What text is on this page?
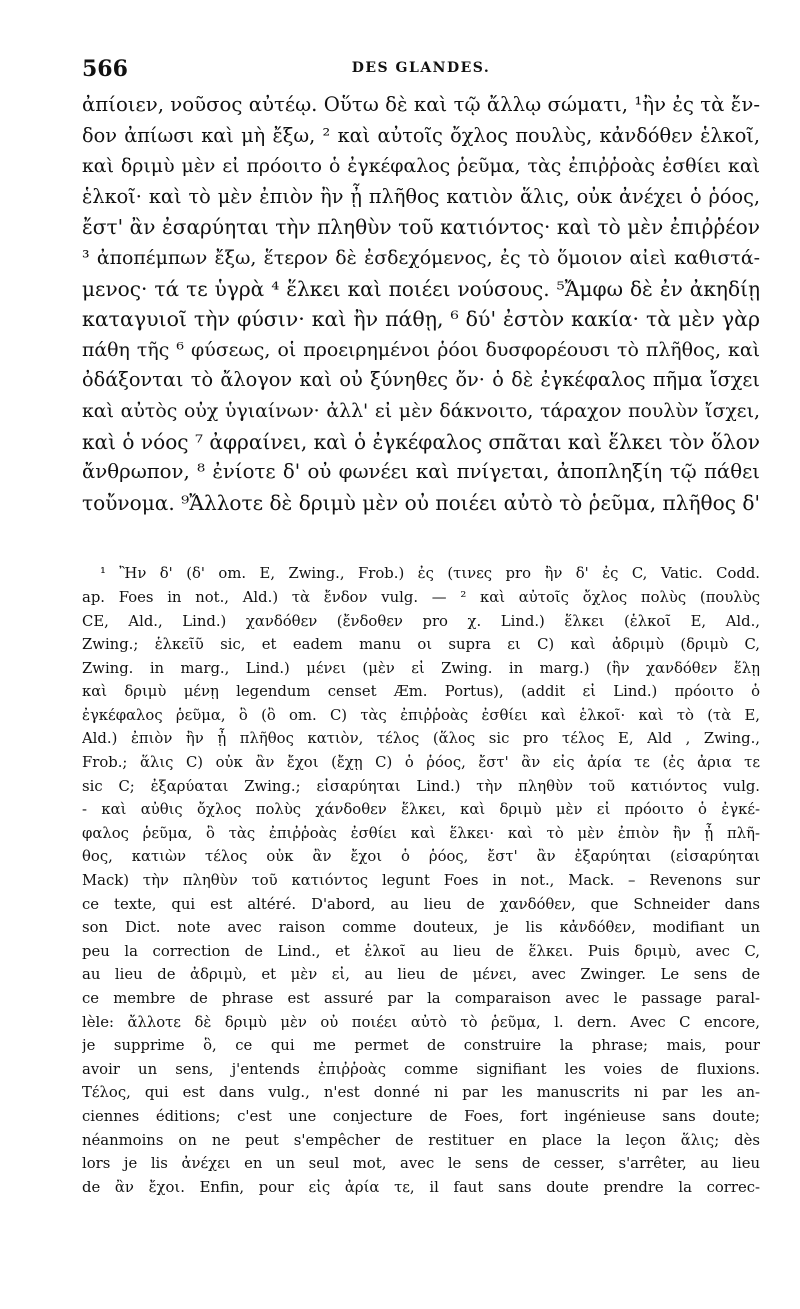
566	DES GLANDES.
ἀπίοιεν, νοῦσος αὐτέῳ. Οὕτω δὲ καὶ τῷ ἄλλῳ σώματι, ¹ἢν ἐς τὰ ἔν-
δον ἀπίωσι καὶ μὴ ἔξω, ² καὶ αὐτοῖς ὄχλος πουλὺς, κἀνδόθεν ἑλκοῖ,
καὶ δριμὺ μὲν εἰ πρόοιτο ὁ ἐγκέφαλος ῥεῦμα, τὰς ἐπιῤῥοὰς ἐσθίει καὶ
ἑλκοῖ· καὶ τὸ μὲν ἐπιὸν ἢν ᾖ πλῆθος κατιὸν ἅλις, οὐκ ἀνέχει ὁ ῥόος,
ἔστ' ἂν ἐσαρύηται τὴν πληθὺν τοῦ κατιόντος· καὶ τὸ μὲν ἐπιῤῥέον
³ ἀποπέμπων ἔξω, ἕτερον δὲ ἐσδεχόμενος, ἐς τὸ ὅμοιον αἰεὶ καθιστά-
μενος· τά τε ὑγρὰ ⁴ ἕλκει καὶ ποιέει νούσους. ⁵Ἄμφω δὲ ἐν ἀκηδίῃ
καταγυιοῖ τὴν φύσιν· καὶ ἢν πάθῃ, ⁶ δύ' ἐστὸν κακία· τὰ μὲν γὰρ
πάθη τῆς ⁶ φύσεως, οἱ προειρημένοι ῥόοι δυσφορέουσι τὸ πλῆθος, καὶ
ὀδάξονται τὸ ἄλογον καὶ οὐ ξύνηθες ὄν· ὁ δὲ ἐγκέφαλος πῆμα ἴσχει
καὶ αὐτὸς οὐχ ὑγιαίνων· ἀλλ' εἰ μὲν δάκνοιτο, τάραχον πουλὺν ἴσχει,
καὶ ὁ νόος ⁷ ἀφραίνει, καὶ ὁ ἐγκέφαλος σπᾶται καὶ ἕλκει τὸν ὅλον
ἄνθρωπον, ⁸ ἐνίοτε δ' οὐ φωνέει καὶ πνίγεται, ἀποπληξίη τῷ πάθει
τοὔνομα. ⁹Ἄλλοτε δὲ δριμὺ μὲν οὐ ποιέει αὐτὸ τὸ ῥεῦμα, πλῆθος δ'
¹ Ἢν δ' (δ' om. E, Zwing., Frob.) ἐς (τινες pro ἢν δ' ἐς C, Vatic. Codd.
ap. Foes in not., Ald.) τὰ ἔνδον vulg. — ² καὶ αὐτοῖς ὄχλος πολὺς (πουλὺς
CE, Ald., Lind.) χανδόθεν (ἔνδοθεν pro χ. Lind.) ἕλκει (ἑλκοῖ E, Ald.,
Zwing.; ἑλκεῖῦ sic, et eadem manu οι supra ει C) καὶ ἀδριμὺ (δριμὺ C,
Zwing. in marg., Lind.) μένει (μὲν εἰ Zwing. in marg.) (ἢν χανδόθεν ἕλῃ
καὶ δριμὺ μένῃ legendum censet Æm. Portus), (addit εἰ Lind.) πρόοιτο ὁ
ἐγκέφαλος ῥεῦμα, ὃ (ὃ om. C) τὰς ἐπιῤῥοὰς ἐσθίει καὶ ἑλκοῖ· καὶ τὸ (τὰ E,
Ald.) ἐπιὸν ἢν ᾖ πλῆθος κατιὸν, τέλος (ἅλος sic pro τέλος E, Ald , Zwing.,
Frob.; ἅλις C) οὐκ ἂν ἔχοι (ἔχῃ C) ὁ ῥόος, ἔστ' ἂν εἰς ἀρία τε (ἐς ἀρια τε
sic C; ἐξαρύαται Zwing.; εἰσαρύηται Lind.) τὴν πληθὺν τοῦ κατιόντος vulg.
- καὶ αὐθις ὄχλος πολὺς χάνδοθεν ἕλκει, καὶ δριμὺ μὲν εἰ πρόοιτο ὁ ἐγκέ-
φαλος ῥεῦμα, ὃ τὰς ἐπιῤῥοὰς ἐσθίει καὶ ἕλκει· καὶ τὸ μὲν ἐπιὸν ἢν ᾖ πλῆ-
θος, κατιὼν τέλος οὐκ ἂν ἔχοι ὁ ῥόος, ἔστ' ἂν ἐξαρύηται (εἰσαρύηται
Mack) τὴν πληθὺν τοῦ κατιόντος legunt Foes in not., Mack. – Revenons sur
ce texte, qui est altéré. D'abord, au lieu de χανδόθεν, que Schneider dans
son Dict. note avec raison comme douteux, je lis κἀνδόθεν, modifiant un
peu la correction de Lind., et ἑλκοῖ au lieu de ἕλκει. Puis δριμὺ, avec C,
au lieu de ἀδριμὺ, et μὲν εἰ, au lieu de μένει, avec Zwinger. Le sens de
ce membre de phrase est assuré par la comparaison avec le passage paral-
lèle: ἄλλοτε δὲ δριμὺ μὲν οὐ ποιέει αὐτὸ τὸ ῥεῦμα, l. dern. Avec C encore,
je supprime ὃ, ce qui me permet de construire la phrase; mais, pour
avoir un sens, j'entends ἐπιῤῥοὰς comme signifiant les voies de fluxions.
Τέλος, qui est dans vulg., n'est donné ni par les manuscrits ni par les an-
ciennes éditions; c'est une conjecture de Foes, fort ingénieuse sans doute;
néanmoins on ne peut s'empêcher de restituer en place la leçon ἅλις; dès
lors je lis ἀνέχει en un seul mot, avec le sens de cesser, s'arrêter, au lieu
de ἂν ἔχοι. Enfin, pour εἰς ἀρία τε, il faut sans doute prendre la correc-
